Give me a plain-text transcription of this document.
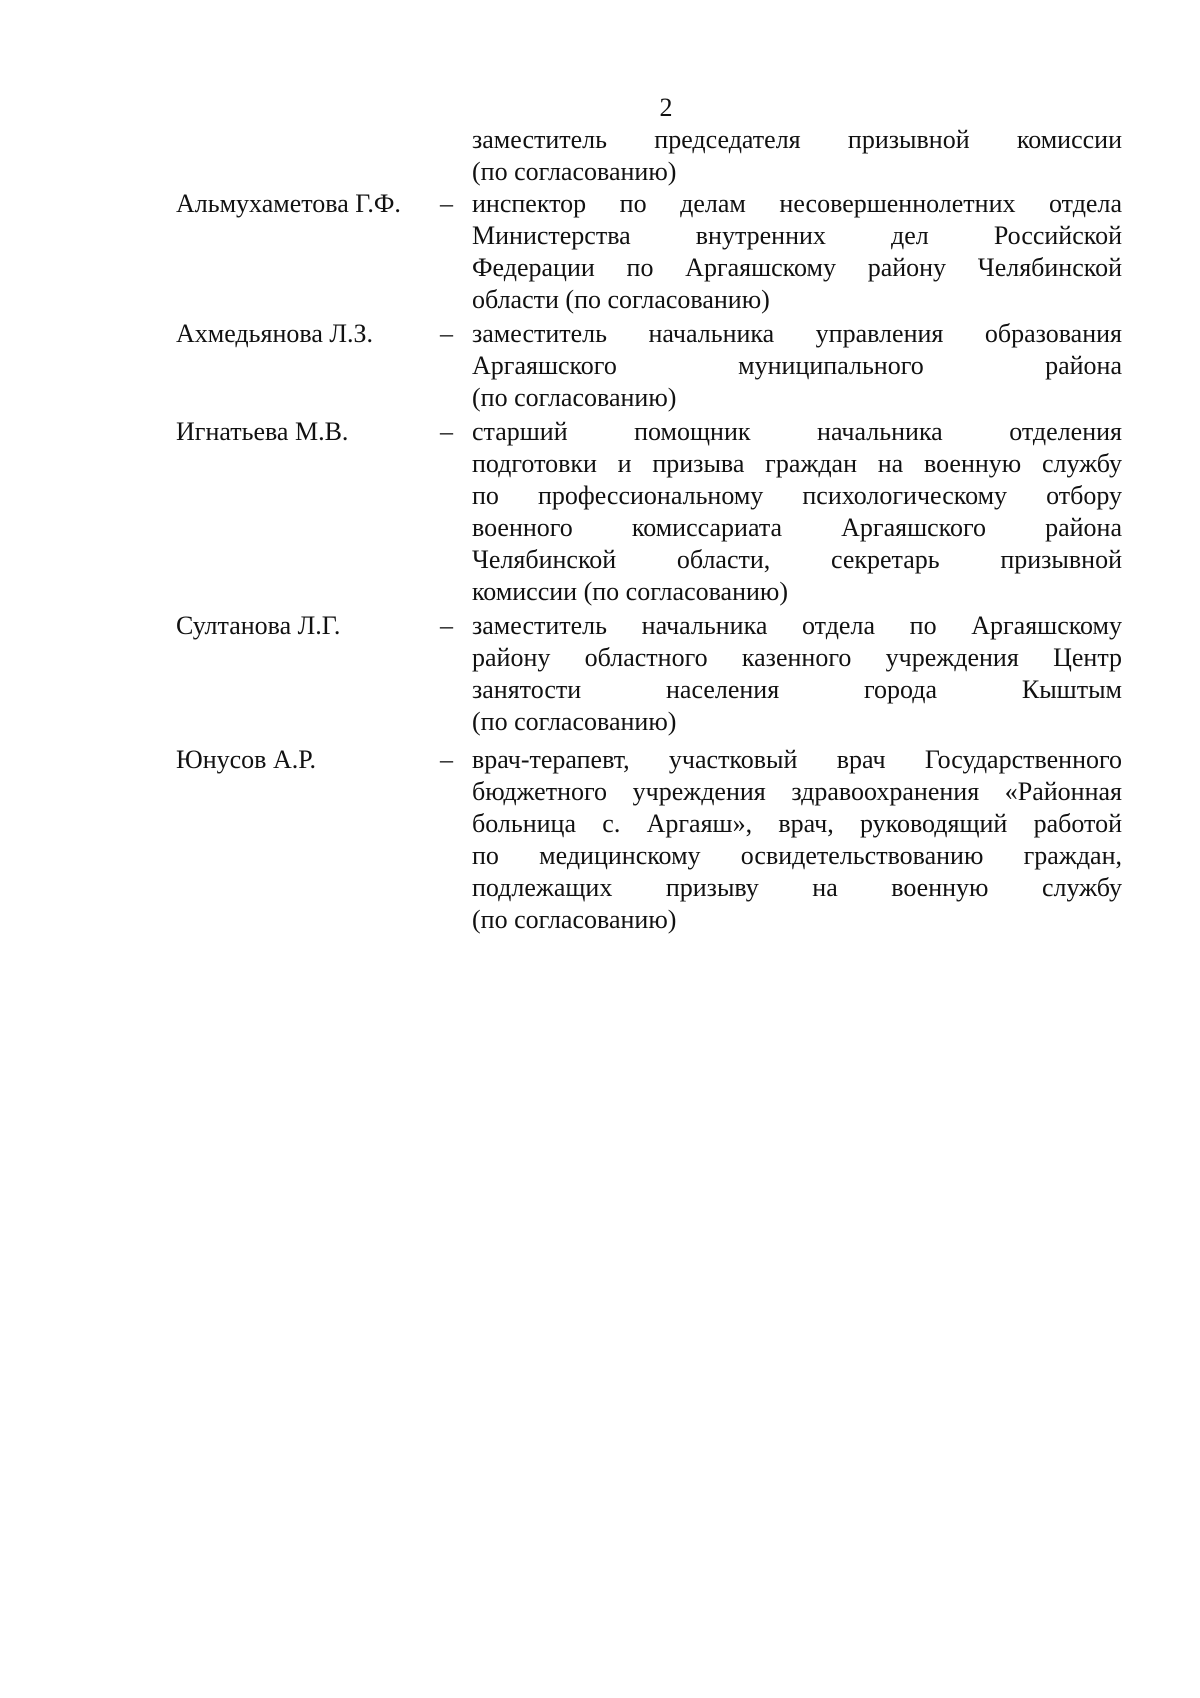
2
заместитель председателя призывной комиссии
(по согласованию)
Альмухаметова Г.Ф. – инспектор по делам несовершеннолетних отдела
Министерства внутренних дел Российской
Федерации по Аргаяшскому району Челябинской
области (по согласованию)
Ахмедьянова Л.З.	– заместитель начальника управления образования
Аргаяшского муниципального района
(по согласованию)
Игнатьева М.В.	– старший помощник начальника отделения
подготовки и призыва граждан на военную службу
по профессиональному психологическому отбору
военного комиссариата Аргаяшского района
Челябинской области, секретарь призывной
комиссии (по согласованию)
Султанова Л.Г.	– заместитель начальника отдела по Аргаяшскому
району областного казенного учреждения Центр
занятости населения города Кыштым
(по согласованию)
Юнусов А.Р.	– врач-терапевт, участковый врач Государственного
бюджетного учреждения здравоохранения «Районная
больница с. Аргаяш», врач, руководящий работой
по медицинскому освидетельствованию граждан,
подлежащих призыву на военную службу
(по согласованию)
